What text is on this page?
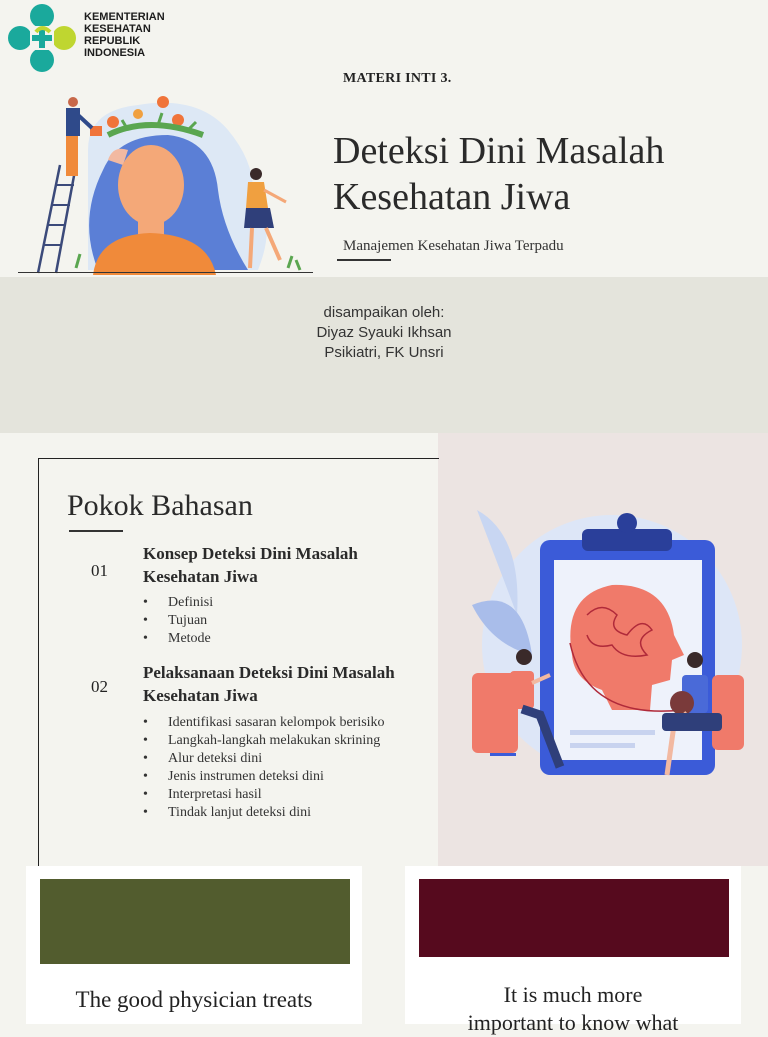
KEMENTERIAN
KESEHATAN
REPUBLIK
INDONESIA
MATERI INTI 3.
Deteksi Dini Masalah
Kesehatan Jiwa
Manajemen Kesehatan Jiwa Terpadu
disampaikan oleh:
Diyaz Syauki Ikhsan
Psikiatri, FK Unsri
Pokok Bahasan
01
Konsep Deteksi Dini Masalah Kesehatan Jiwa
• Definisi
• Tujuan
• Metode
02
Pelaksanaan Deteksi Dini Masalah Kesehatan Jiwa
• Identifikasi sasaran kelompok berisiko
• Langkah-langkah melakukan skrining
• Alur deteksi dini
• Jenis instrumen deteksi dini
• Interpretasi hasil
• Tindak lanjut deteksi dini
The good physician treats	It is much more
important to know what
